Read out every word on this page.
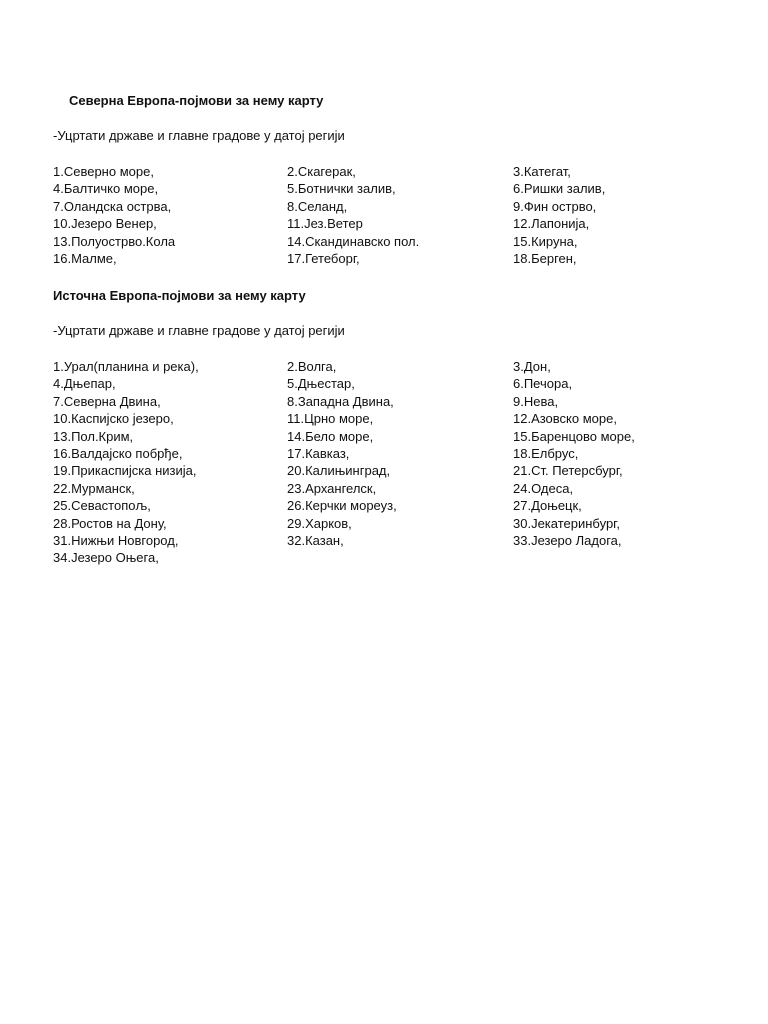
Северна Европа-појмови за нему карту
-Уцртати државе и главне градове у датој регији
1.Северно море,	2.Скагерак,	3.Категат,
4.Балтичко море,	5.Ботнички залив,	6.Ришки залив,
7.Оландска острва,	8.Селанд,	9.Фин острво,
10.Језеро Венер,	11.Јез.Ветер	12.Лапонија,
13.Полуострво.Кола	14.Скандинавско пол.	15.Кируна,
16.Малме,	17.Гетеборг,	18.Берген,
Источна Европа-појмови за нему карту
-Уцртати државе и главне градове у датој регији
1.Урал(планина и река),	2.Волга,	3.Дон,
4.Дњепар,	5.Дњестар,	6.Печора,
7.Северна Двина,	8.Западна Двина,	9.Нева,
10.Каспијско језеро,	11.Црно море,	12.Азовско море,
13.Пол.Крим,	14.Бело море,	15.Баренцово море,
16.Валдајско побрђе,	17.Кавказ,	18.Елбрус,
19.Прикаспијска низија,	20.Калињинград,	21.Ст. Петерсбург,
22.Мурманск,	23.Архангелск,	24.Одеса,
25.Севастопољ,	26.Керчки мореуз,	27.Доњецк,
28.Ростов на Дону,	29.Харков,	30.Јекатеринбург,
31.Нижњи Новгород,	32.Казан,	33.Језеро Ладога,
34.Језеро Оњега,
